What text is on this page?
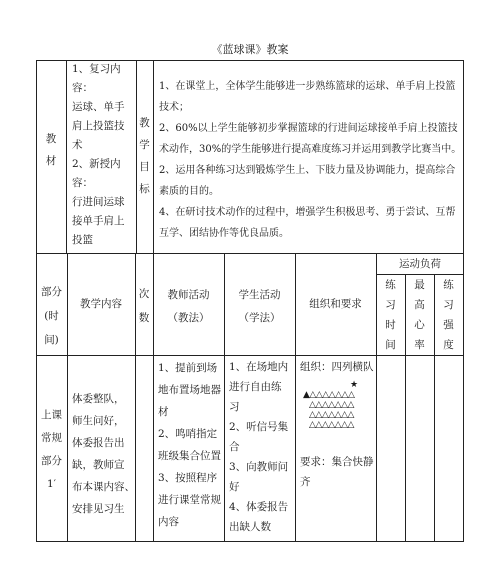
《蓝球课》教案
教
材
1、复习内
容：
运球、单手
肩上投篮技
术
2、新授内
容：
行进间运球
接单手肩上
投篮
教
学
目
标
1、在课堂上，全体学生能够进一步熟练篮球的运球、单手肩上投篮
技术；
2、60%以上学生能够初步掌握篮球的行进间运球接单手肩上投篮技
术动作，30%的学生能够进行提高难度练习并运用到教学比赛当中。
2、运用各种练习达到锻炼学生上、下肢力量及协调能力，提高综合
素质的目的。
4、在研讨技术动作的过程中，增强学生积极思考、勇于尝试、互帮
互学、团结协作等优良品质。
部分
(时
间)
教学内容
次
数
教师活动
（教法）
学生活动
（学法）
组织和要求
运动负荷
练
习
时
间
最
高
心
率
练
习
强
度
上课
常规
部分
1′
体委整队，
师生问好，
体委报告出
缺，教师宣
布本课内容、
安排见习生
1、提前到场
地布置场地器
材
2、鸣哨指定
班级集合位置
3、按照程序
进行课堂常规
内容
1、在场地内
进行自由练
习
2、听信号集
合
3、向教师问
好
4、体委报告
出缺人数
组织：四列横队
★
▲△△△△△△△
△△△△△△△
△△△△△△△
△△△△△△△
要求：集合快静
齐
